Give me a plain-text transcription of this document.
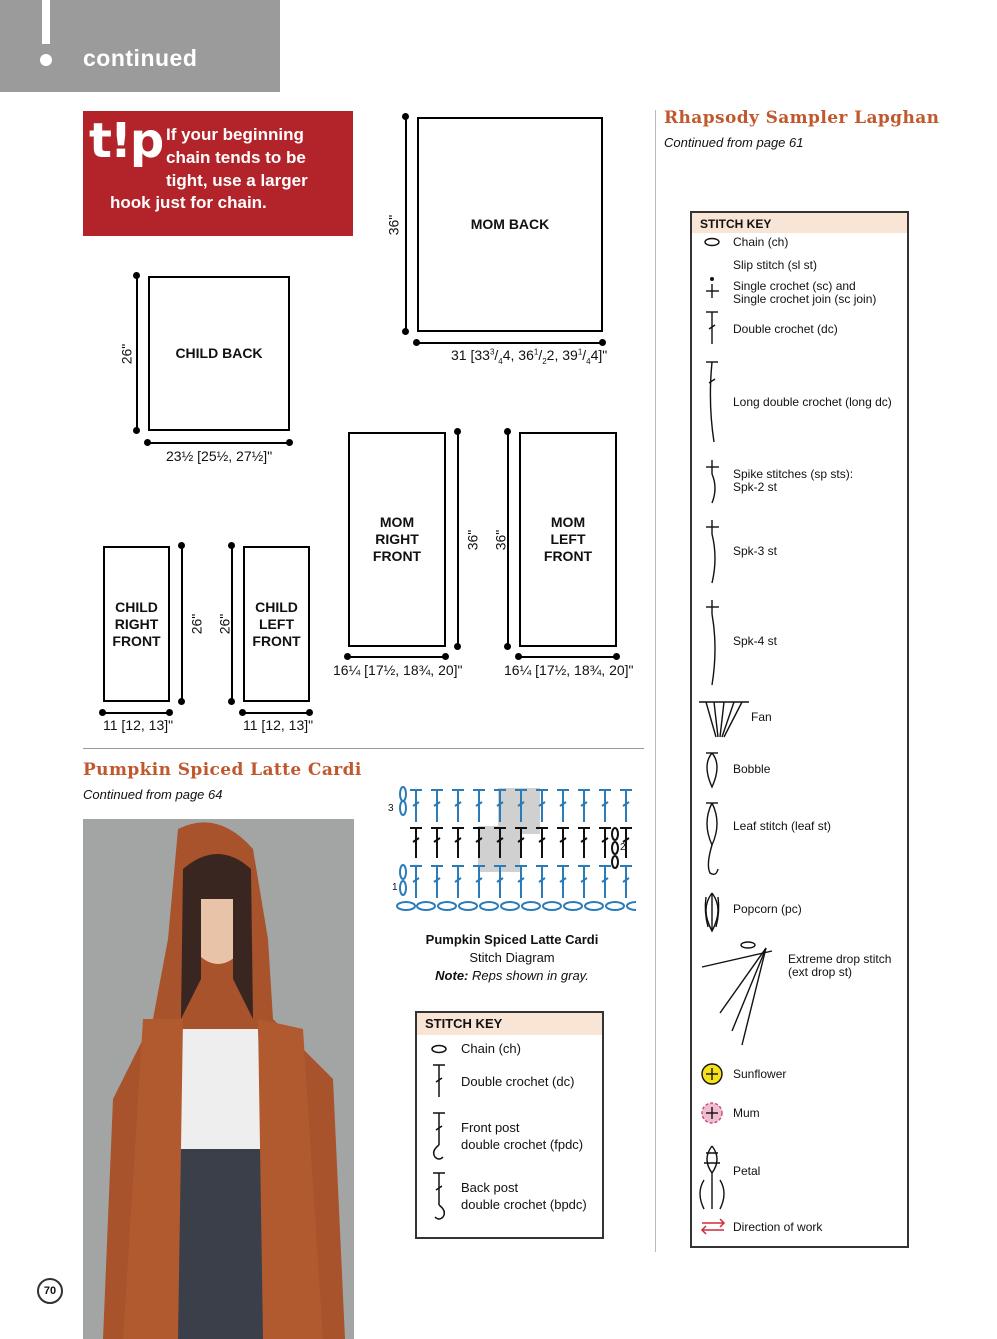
continued
t!p If your beginning
chain tends to be
tight, use a larger
hook just for chain.
MOM BACK
36"
31 [$33^3/_44$, $36^1/_22$, $39^1/_44$]"
CHILD BACK
26"
23½ [25½, 27½]"
MOM
RIGHT
FRONT
36"
16¼ [17½, 18¾, 20]"
MOM
LEFT
FRONT
36"
16¼ [17½, 18¾, 20]"
CHILD
RIGHT
FRONT
26"
11 [12, 13]"
CHILD
LEFT
FRONT
26"
11 [12, 13]"
Rhapsody Sampler Lapghan
Continued from page 61
Pumpkin Spiced Latte Cardi
Continued from page 64
3
2
1
Pumpkin Spiced Latte Cardi
Stitch Diagram
Note: Reps shown in gray.
STITCH KEY
Chain (ch)
Double crochet (dc)
Front post
double crochet (fpdc)
Back post
double crochet (bpdc)
STITCH KEY
Chain (ch)
Slip stitch (sl st)
Single crochet (sc) and
Single crochet join (sc join)
Double crochet (dc)
Long double crochet (long dc)
Spike stitches (sp sts):
Spk-2 st
Spk-3 st
Spk-4 st
Fan
Bobble
Leaf stitch (leaf st)
Popcorn (pc)
Extreme drop stitch
(ext drop st)
Sunflower
Mum
Petal
Direction of work
70
